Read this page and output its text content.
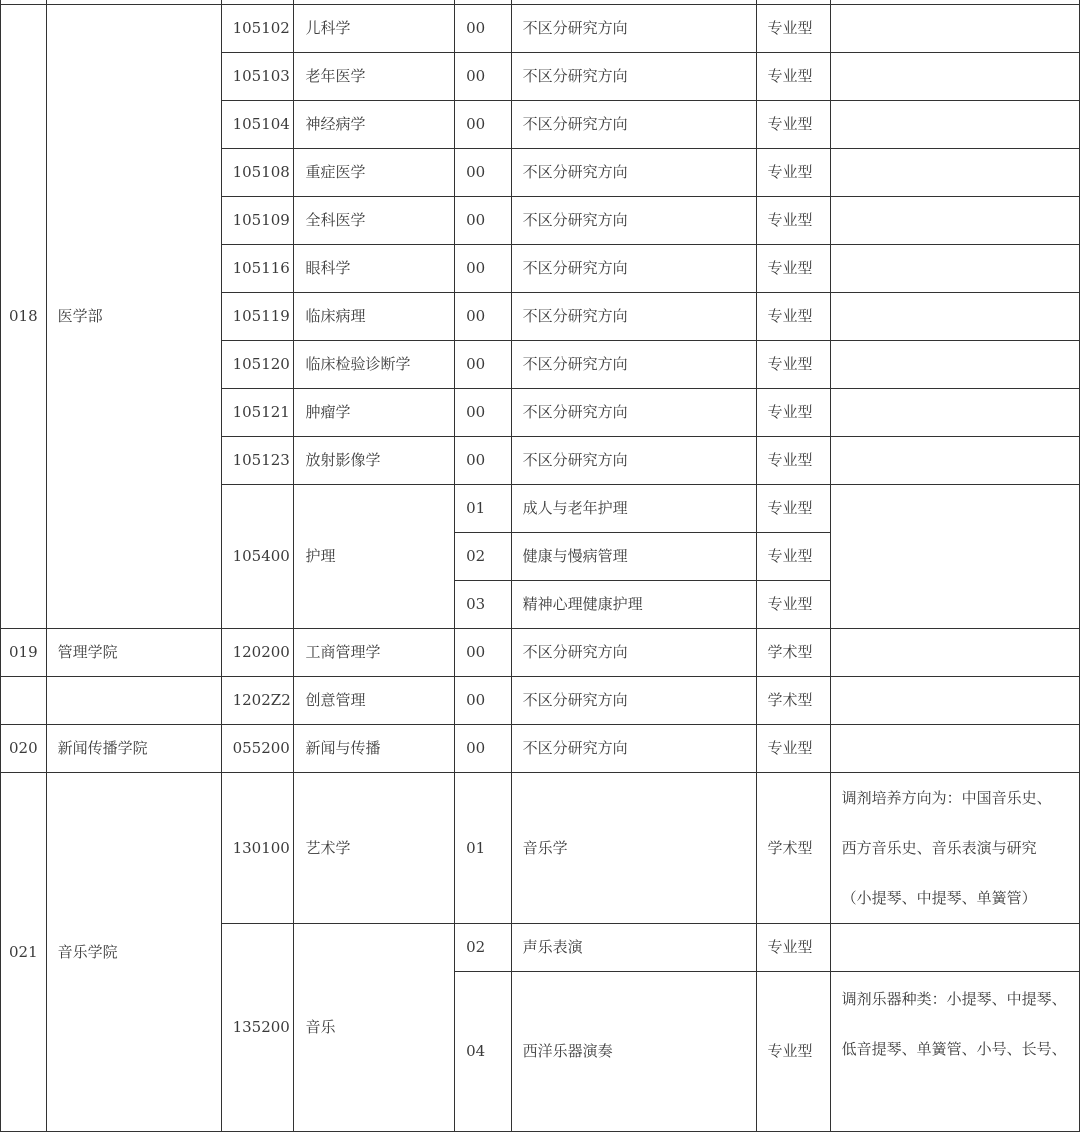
018	医学部	105102	儿科学	00	不区分研究方向	专业型	
		105103	老年医学	00	不区分研究方向	专业型	
		105104	神经病学	00	不区分研究方向	专业型	
		105108	重症医学	00	不区分研究方向	专业型	
		105109	全科医学	00	不区分研究方向	专业型	
		105116	眼科学	00	不区分研究方向	专业型	
		105119	临床病理	00	不区分研究方向	专业型	
		105120	临床检验诊断学	00	不区分研究方向	专业型	
		105121	肿瘤学	00	不区分研究方向	专业型	
		105123	放射影像学	00	不区分研究方向	专业型	
		105400	护理	01	成人与老年护理	专业型	
				02	健康与慢病管理	专业型	
				03	精神心理健康护理	专业型	
019	管理学院	120200	工商管理学	00	不区分研究方向	学术型	
		1202Z2	创意管理	00	不区分研究方向	学术型	
020	新闻传播学院	055200	新闻与传播	00	不区分研究方向	专业型	
021	音乐学院	130100	艺术学	01	音乐学	学术型	调剂培养方向为：中国音乐史、
西方音乐史、音乐表演与研究
（小提琴、中提琴、单簧管）

		135200	音乐	02	声乐表演	专业型	
				04	西洋乐器演奏	专业型	调剂乐器种类：小提琴、中提琴、
低音提琴、单簧管、小号、长号、
